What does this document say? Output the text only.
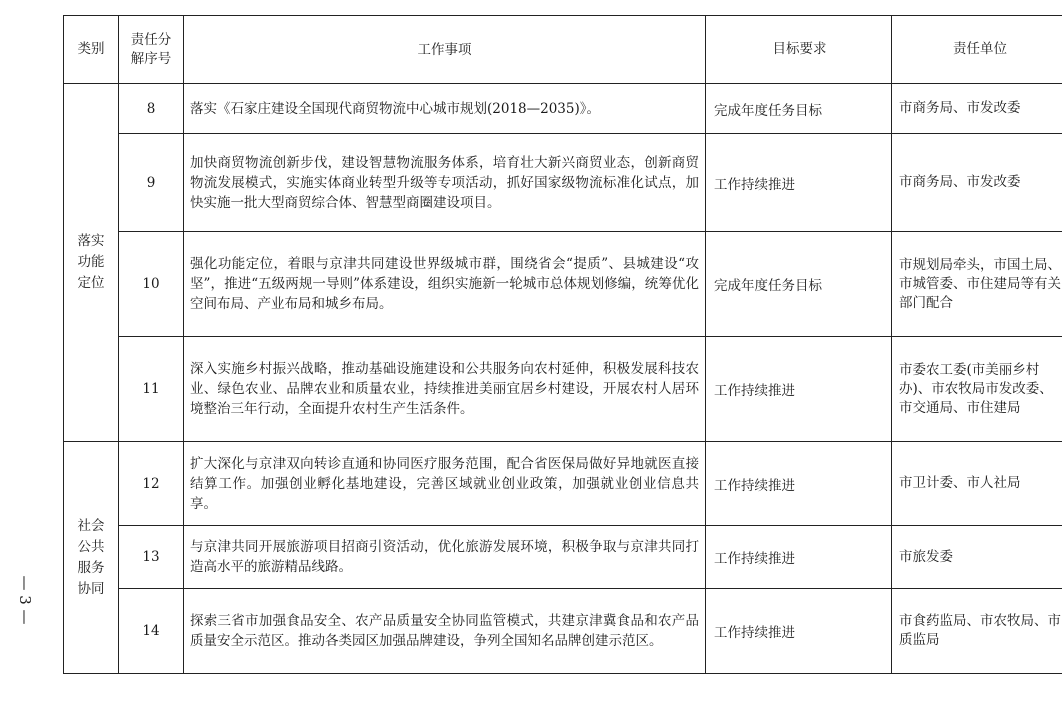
— 3 —
类别	责任分解序号	工作事项	目标要求	责任单位

落实功能定位	8	落实《石家庄建设全国现代商贸物流中心城市规划(2018—2035)》。	完成年度任务目标	市商务局、市发改委
	9	加快商贸物流创新步伐，建设智慧物流服务体系，培育壮大新兴商贸业态，创新商贸物流发展模式，实施实体商业转型升级等专项活动，抓好国家级物流标准化试点，加快实施一批大型商贸综合体、智慧型商圈建设项目。	工作持续推进	市商务局、市发改委
	10	强化功能定位，着眼与京津共同建设世界级城市群，围绕省会“提质”、县城建设“攻坚”，推进“五级两规一导则”体系建设，组织实施新一轮城市总体规划修编，统筹优化空间布局、产业布局和城乡布局。	完成年度任务目标	市规划局牵头，市国土局、市城管委、市住建局等有关部门配合
	11	深入实施乡村振兴战略，推动基础设施建设和公共服务向农村延伸，积极发展科技农业、绿色农业、品牌农业和质量农业，持续推进美丽宜居乡村建设，开展农村人居环境整治三年行动，全面提升农村生产生活条件。	工作持续推进	市委农工委(市美丽乡村办)、市农牧局市发改委、市交通局、市住建局

社会公共服务协同	12	扩大深化与京津双向转诊直通和协同医疗服务范围，配合省医保局做好异地就医直接结算工作。加强创业孵化基地建设，完善区域就业创业政策，加强就业创业信息共享。	工作持续推进	市卫计委、市人社局
	13	与京津共同开展旅游项目招商引资活动，优化旅游发展环境，积极争取与京津共同打造高水平的旅游精品线路。	工作持续推进	市旅发委
	14	探索三省市加强食品安全、农产品质量安全协同监管模式，共建京津冀食品和农产品质量安全示范区。推动各类园区加强品牌建设，争列全国知名品牌创建示范区。	工作持续推进	市食药监局、市农牧局、市质监局
